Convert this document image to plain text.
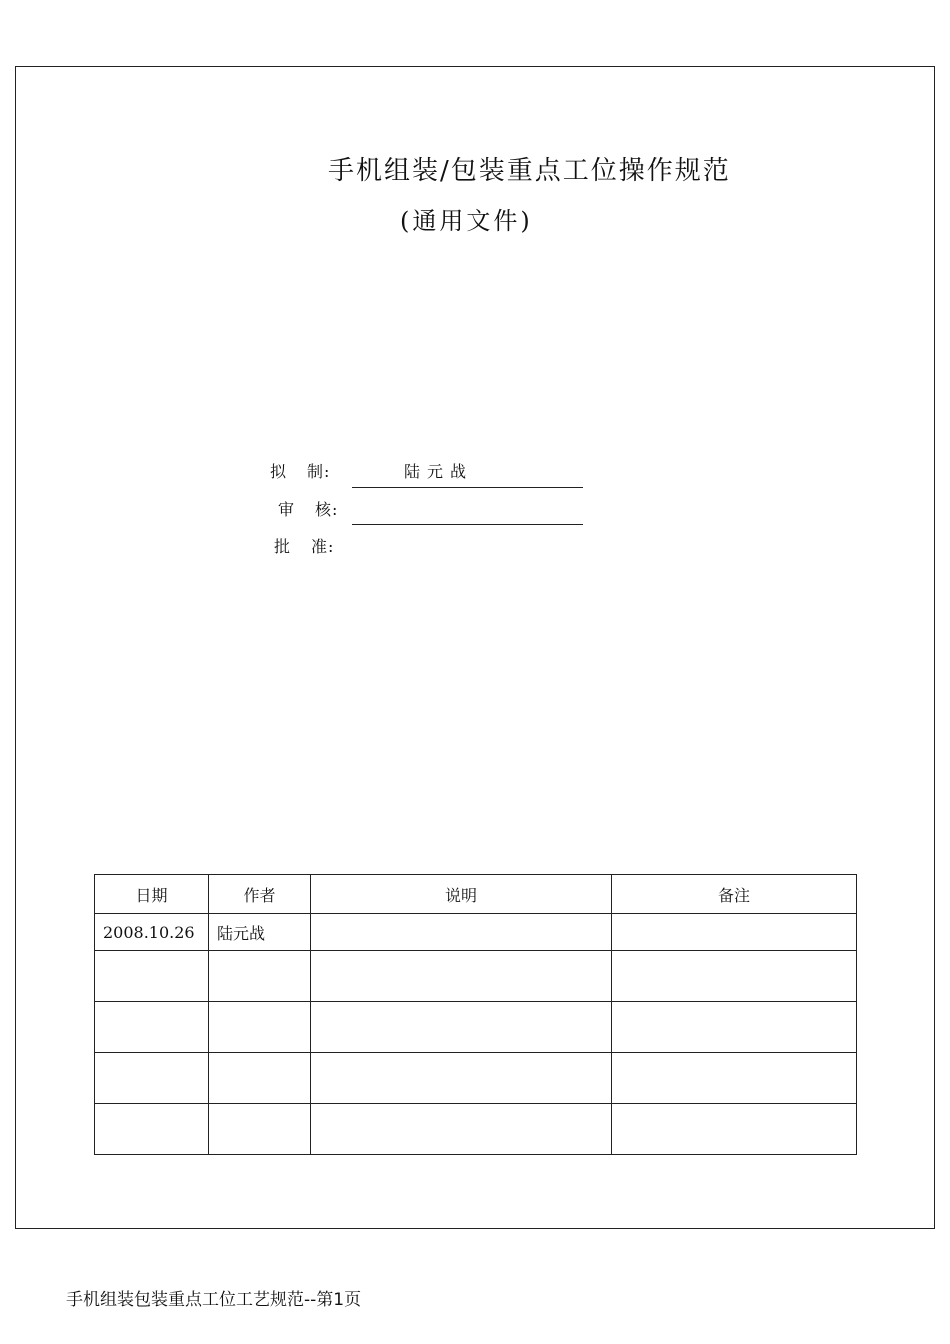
手机组装/包装重点工位操作规范
(通用文件)
拟 制:	陆元战
审 核:
批 准:
日期	作者	说明	备注
2008.10.26	陆元战		

手机组装包装重点工位工艺规范--第1页
